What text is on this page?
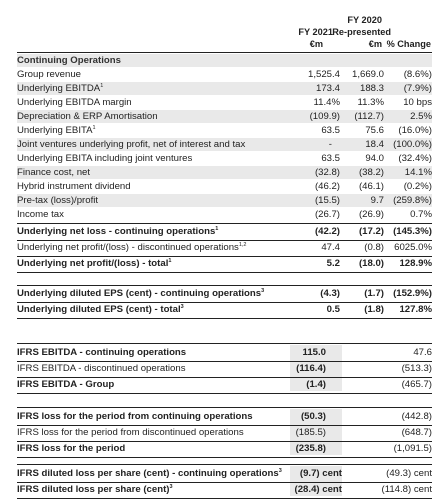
FY 2020
FY 2021 Re-presented
€m	€m % Change
Continuing Operations
Group revenue	1,525.4 1,669.0 (8.6%)
Underlying EBITDA$^1$	173.4 188.3 (7.9%)
Underlying EBITDA margin	11.4% 11.3% 10 bps
Depreciation & ERP Amortisation	(109.9) (112.7)	2.5%
Underlying EBITA$^1$	63.5	75.6 (16.0%)
Joint ventures underlying profit, net of interest and tax	-	18.4 (100.0%)
Underlying EBITA including joint ventures	63.5	94.0 (32.4%)
Finance cost, net	(32.8) (38.2) 14.1%
Hybrid instrument dividend	(46.2) (46.1) (0.2%)
Pre-tax (loss)/profit	(15.5)	9.7 (259.8%)
Income tax	(26.7) (26.9)	0.7%
Underlying net loss - continuing operations$^1$	(42.2) (17.2) (145.3%)
Underlying net profit/(loss) - discontinued operations$^{1,2}$	47.4	(0.8) 6025.0%
Underlying net profit/(loss) - total$^1$	5.2 (18.0) 128.9%
Underlying diluted EPS (cent) - continuing operations$^3$	(4.3)	(1.7) (152.9%)
Underlying diluted EPS (cent) - total$^3$	0.5	(1.8) 127.8%
IFRS EBITDA - continuing operations	115.0	47.6
IFRS EBITDA - discontinued operations	(116.4)	(513.3)
IFRS EBITDA - Group	(1.4)	(465.7)
IFRS loss for the period from continuing operations	(50.3)	(442.8)
IFRS loss for the period from discontinued operations	(185.5)	(648.7)
IFRS loss for the period	(235.8)	(1,091.5)
IFRS diluted loss per share (cent) - continuing operations$^3$ (9.7) cent	(49.3) cent
IFRS diluted loss per share (cent)$^3$	(28.4) cent	(114.8) cent
